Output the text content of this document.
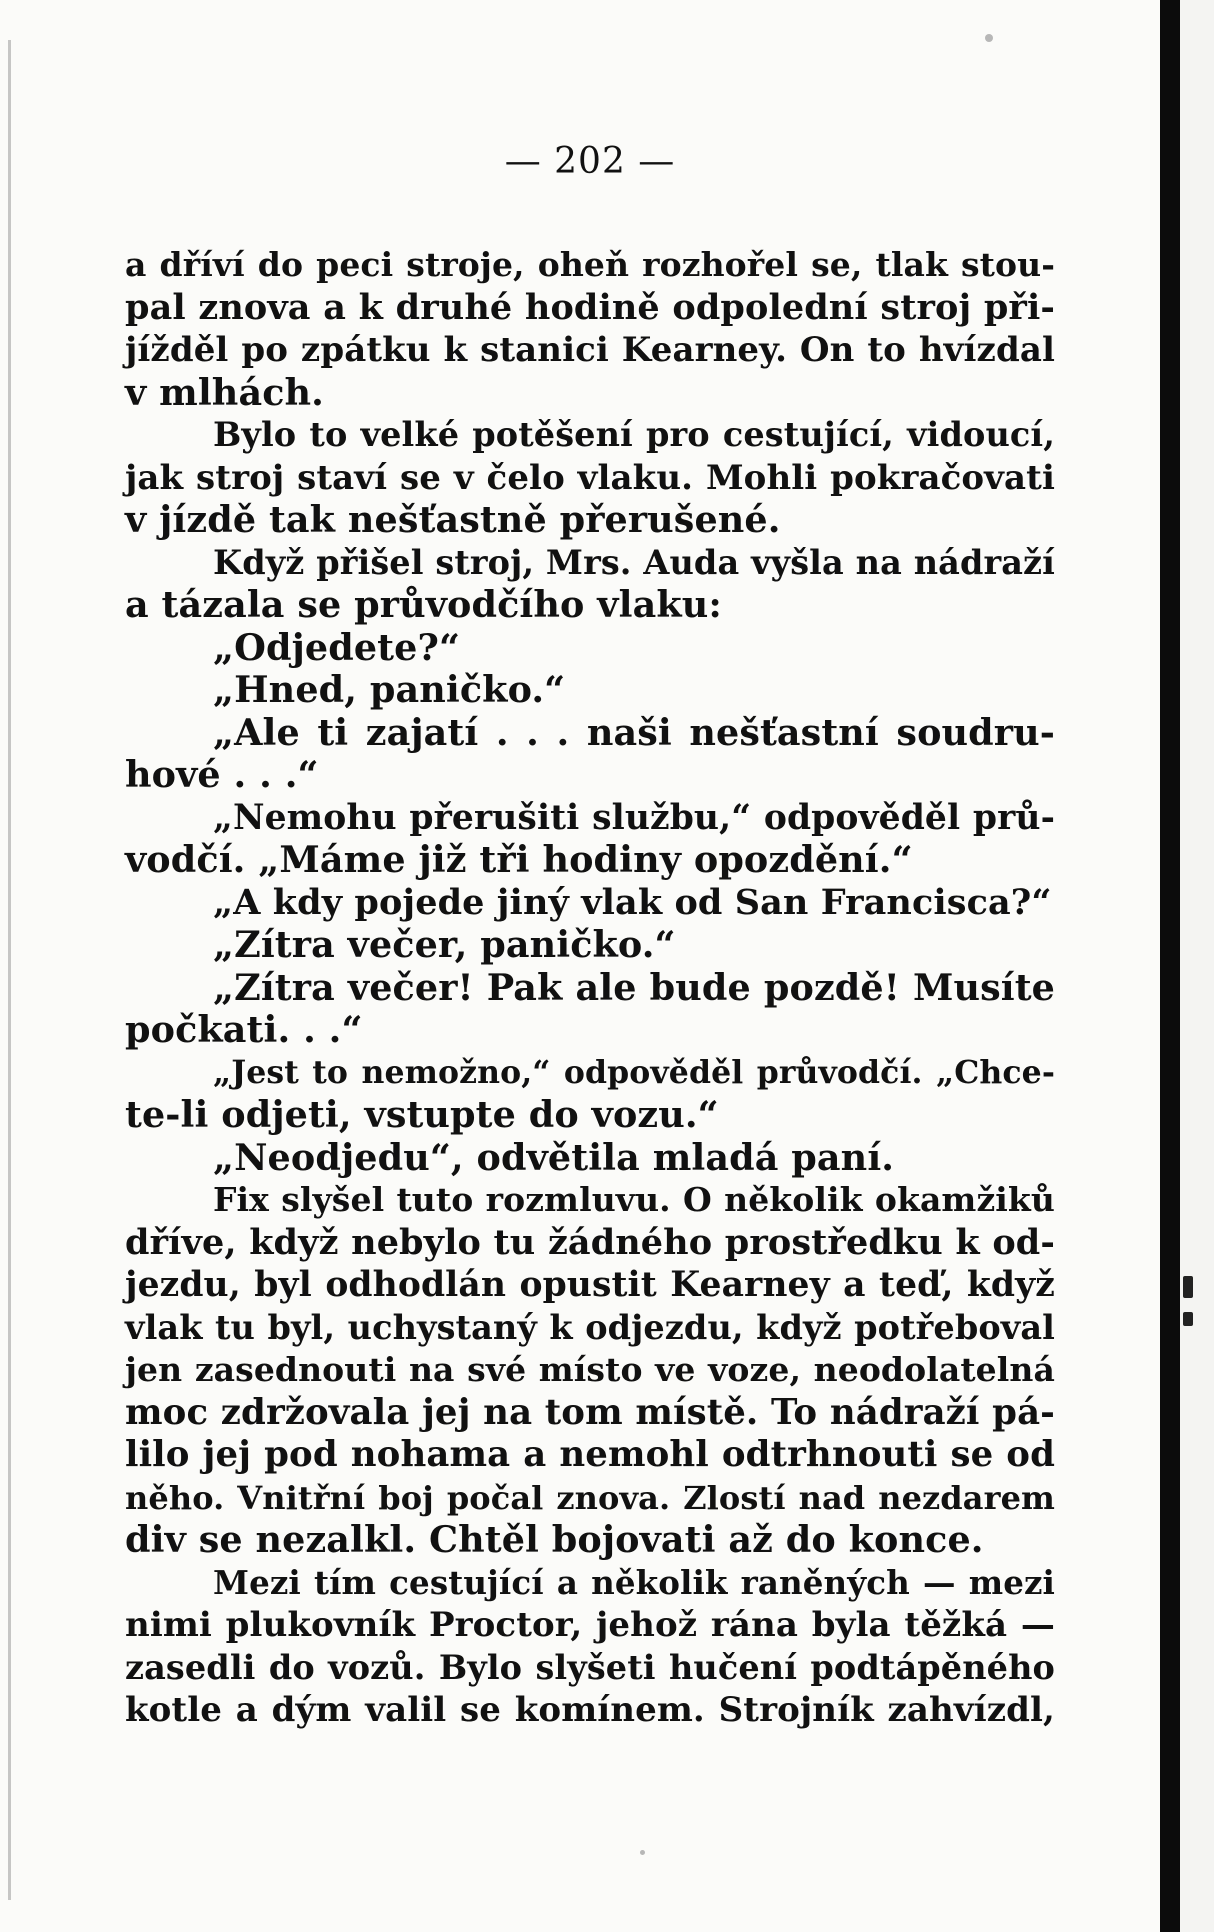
— 202 —

a dříví do peci stroje, oheň rozhořel se, tlak stou-
pal znova a k druhé hodině odpolední stroj při-
jížděl po zpátku k stanici Kearney. On to hvízdal
v mlhách.
Bylo to velké potěšení pro cestující, vidoucí,
jak stroj staví se v čelo vlaku. Mohli pokračovati
v jízdě tak nešťastně přerušené.
Když přišel stroj, Mrs. Auda vyšla na nádraží
a tázala se průvodčího vlaku:
„Odjedete?“
„Hned, paničko.“
„Ale ti zajatí . . . naši nešťastní soudru-
hové . . .“
„Nemohu přerušiti službu,“ odpověděl prů-
vodčí. „Máme již tři hodiny opozdění.“
„A kdy pojede jiný vlak od San Francisca?“
„Zítra večer, paničko.“
„Zítra večer! Pak ale bude pozdě! Musíte
počkati. . .“
„Jest to nemožno,“ odpověděl průvodčí. „Chce-
te-li odjeti, vstupte do vozu.“
„Neodjedu“, odvětila mladá paní.
Fix slyšel tuto rozmluvu. O několik okamžiků
dříve, když nebylo tu žádného prostředku k od-
jezdu, byl odhodlán opustit Kearney a teď, když
vlak tu byl, uchystaný k odjezdu, když potřeboval
jen zasednouti na své místo ve voze, neodolatelná
moc zdržovala jej na tom místě. To nádraží pá-
lilo jej pod nohama a nemohl odtrhnouti se od
něho. Vnitřní boj počal znova. Zlostí nad nezdarem
div se nezalkl. Chtěl bojovati až do konce.
Mezi tím cestující a několik raněných — mezi
nimi plukovník Proctor, jehož rána byla těžká —
zasedli do vozů. Bylo slyšeti hučení podtápěného
kotle a dým valil se komínem. Strojník zahvízdl,
